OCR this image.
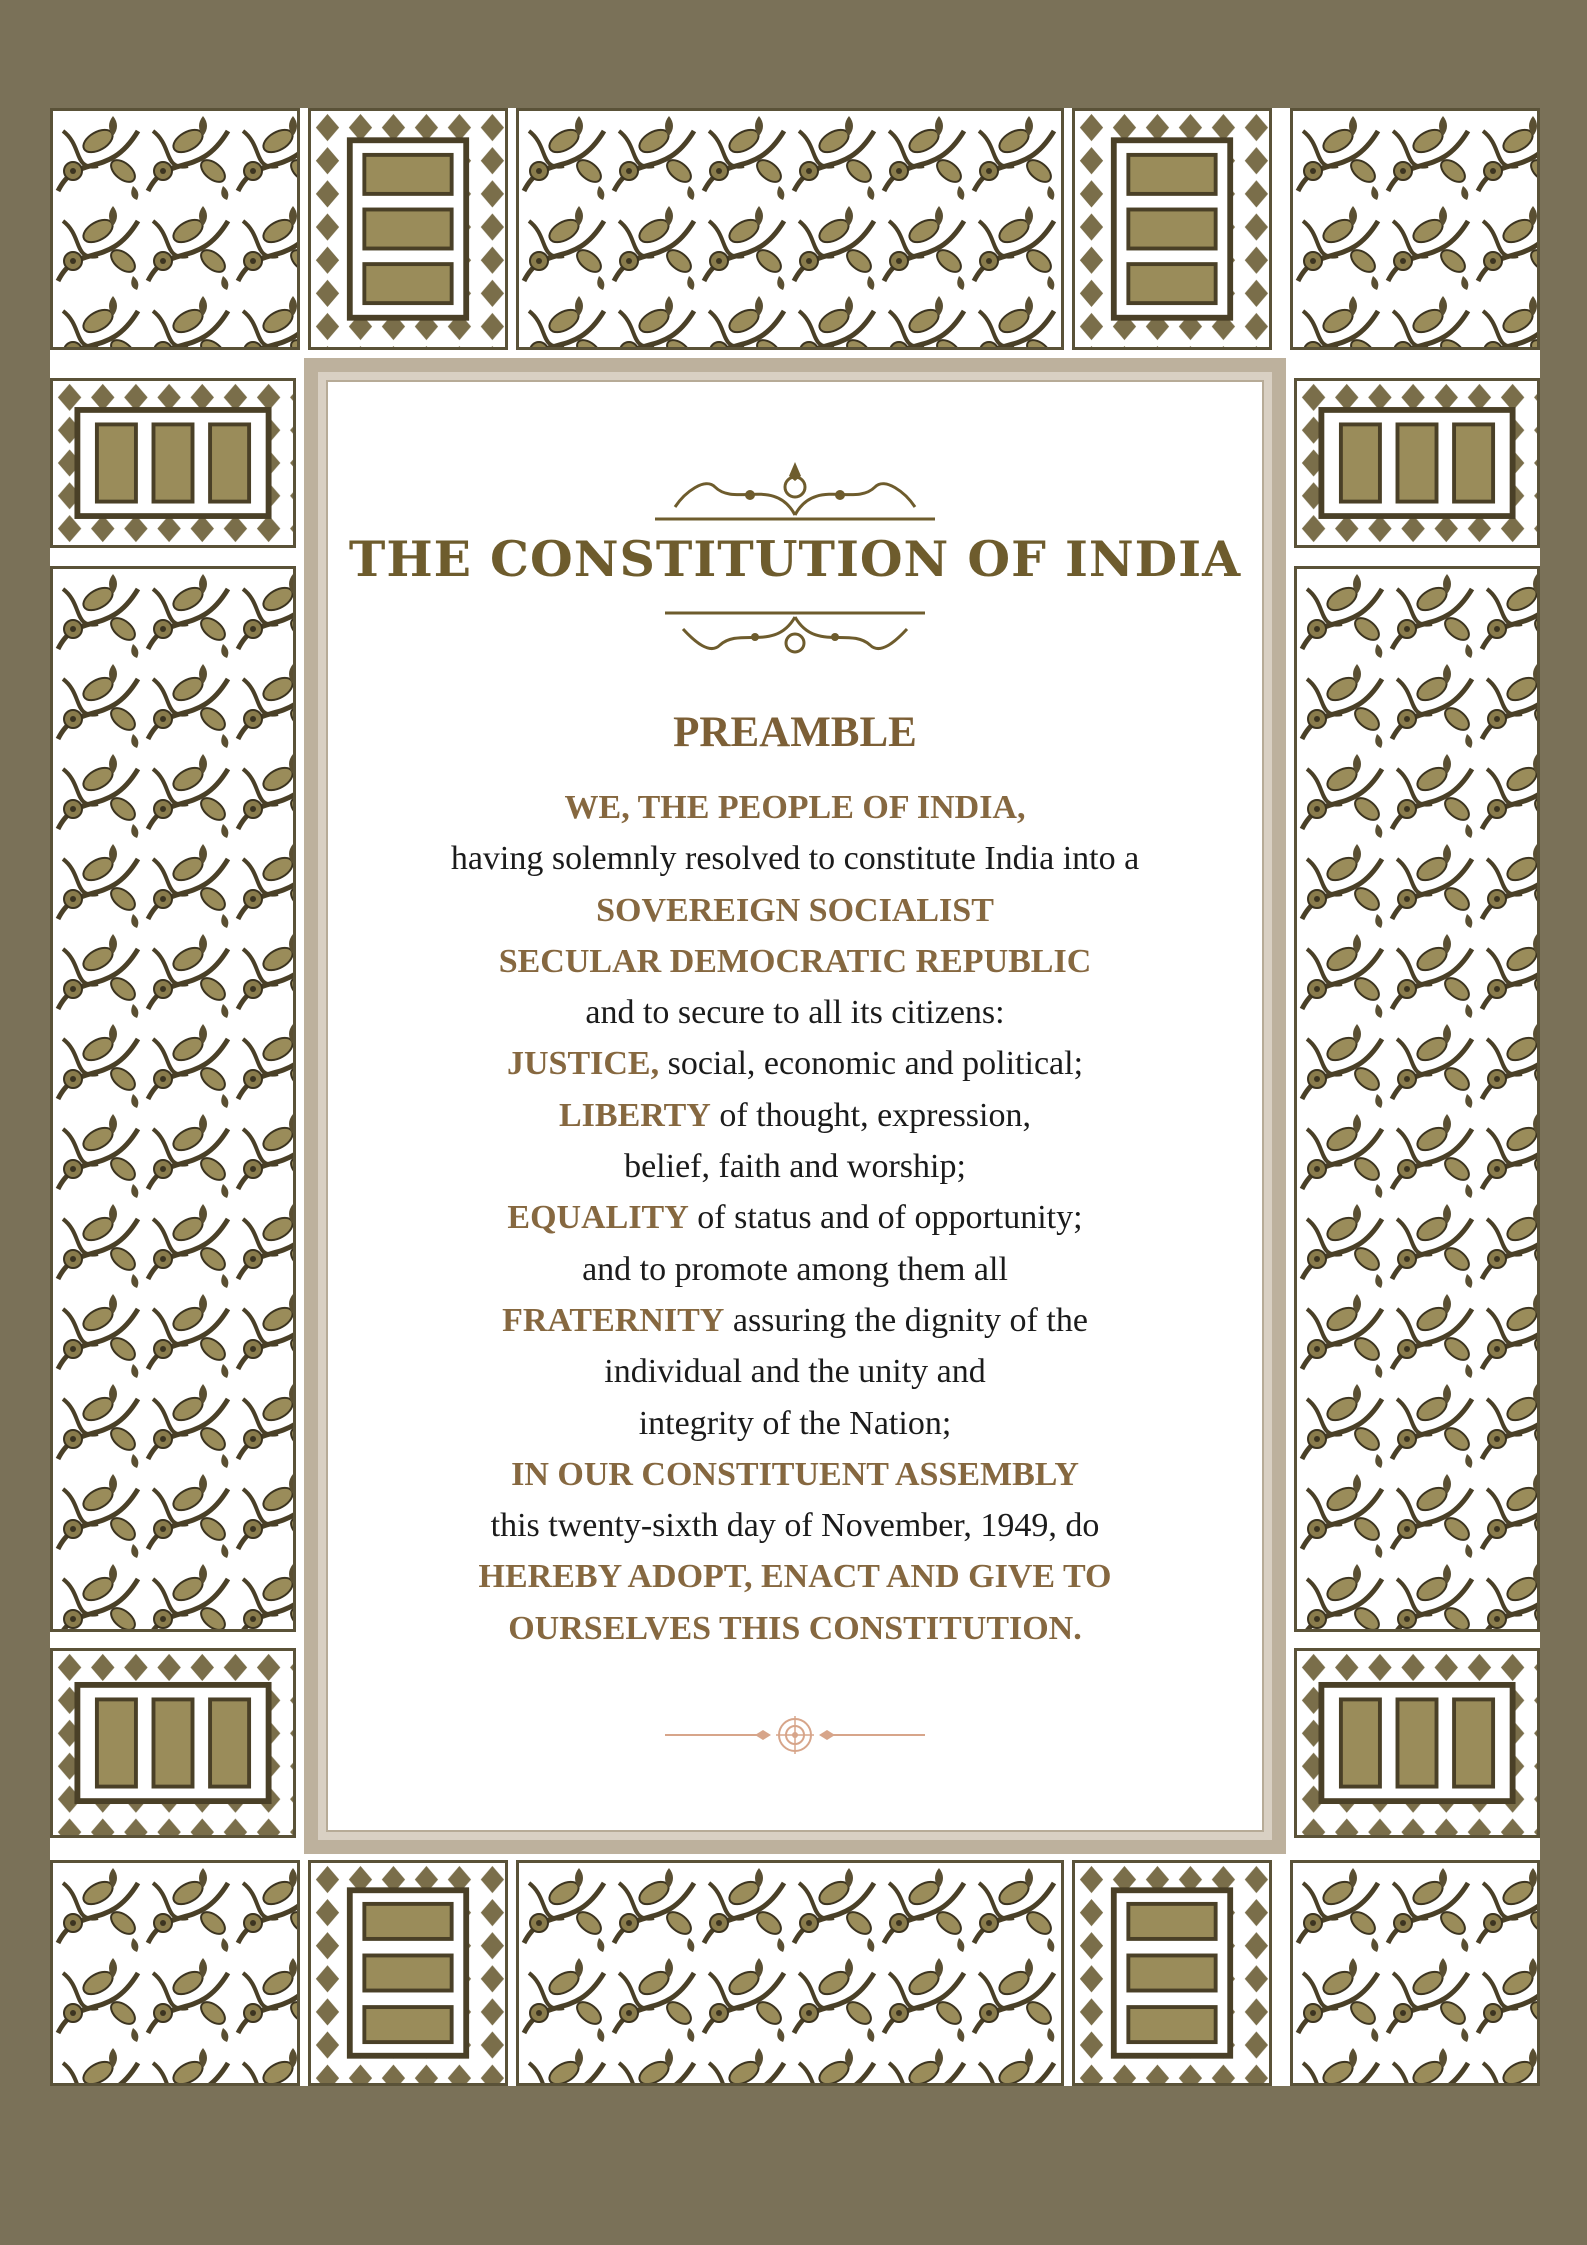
THE CONSTITUTION OF INDIA
PREAMBLE
WE, THE PEOPLE OF INDIA,
having solemnly resolved to constitute India into a
SOVEREIGN SOCIALIST
SECULAR DEMOCRATIC REPUBLIC
and to secure to all its citizens:
JUSTICE, social, economic and political;
LIBERTY of thought, expression,
belief, faith and worship;
EQUALITY of status and of opportunity;
and to promote among them all
FRATERNITY assuring the dignity of the
individual and the unity and
integrity of the Nation;
IN OUR CONSTITUENT ASSEMBLY
this twenty-sixth day of November, 1949, do
HEREBY ADOPT, ENACT AND GIVE TO
OURSELVES THIS CONSTITUTION.
